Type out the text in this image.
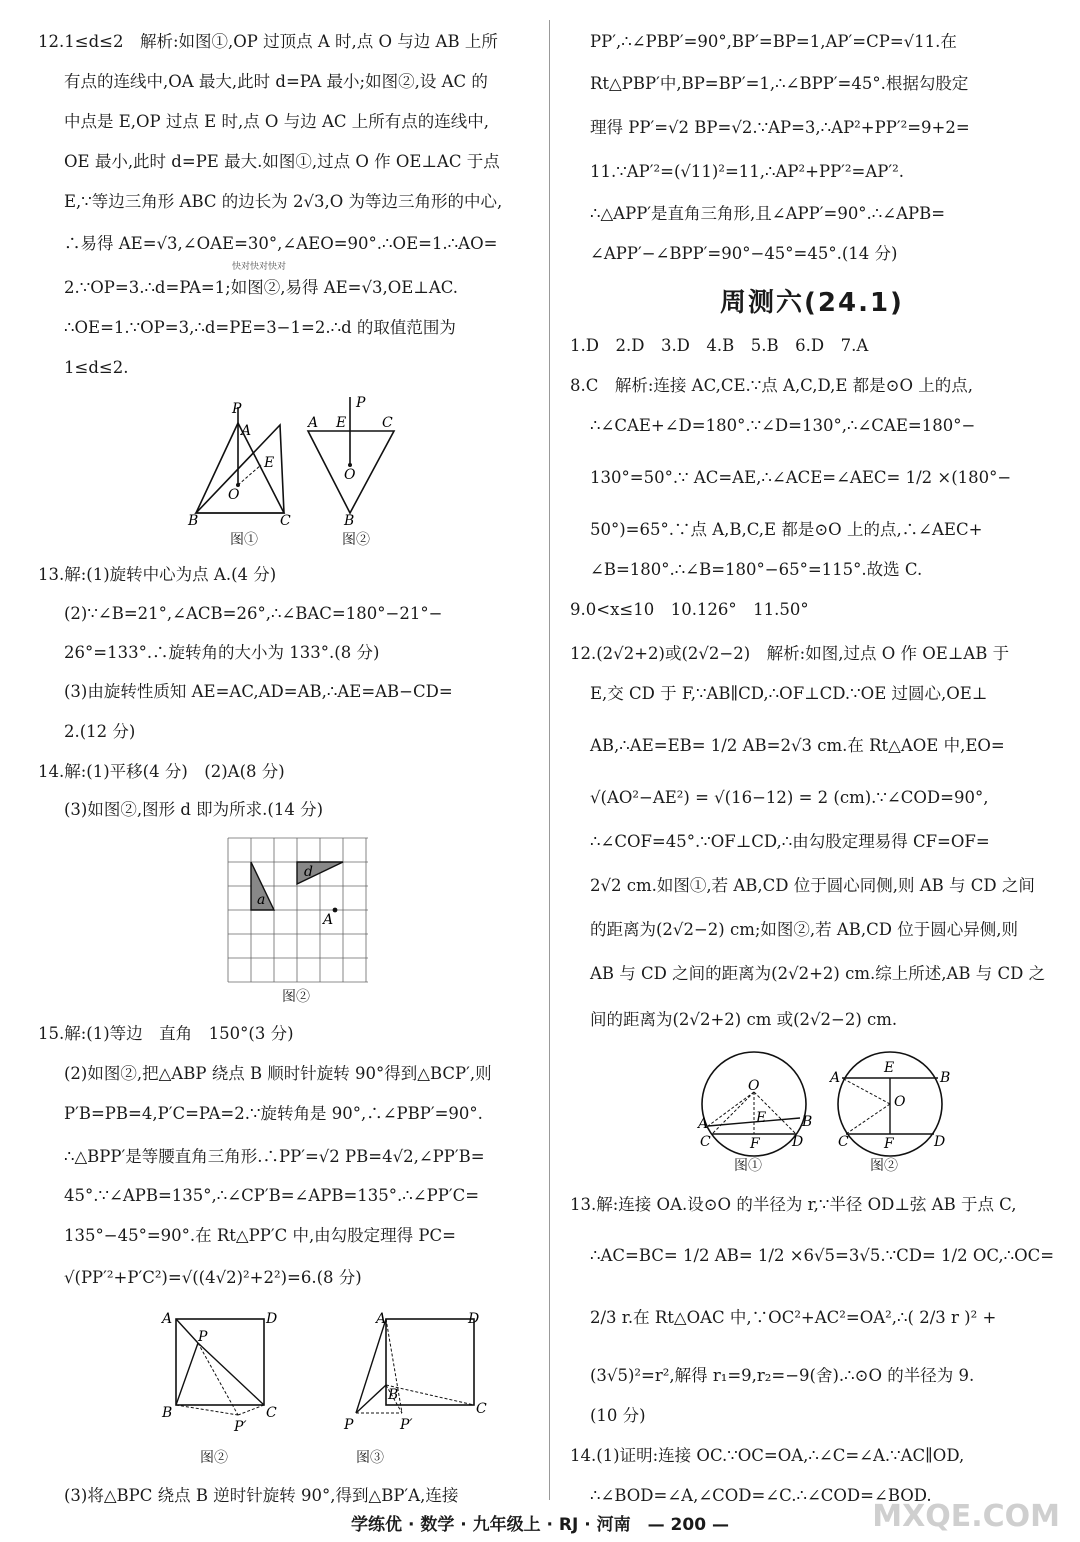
12.1≤d≤2　解析:如图①,OP 过顶点 A 时,点 O 与边 AB 上所
有点的连线中,OA 最大,此时 d=PA 最小;如图②,设 AC 的
中点是 E,OP 过点 E 时,点 O 与边 AC 上所有点的连线中,
OE 最小,此时 d=PE 最大.如图①,过点 O 作 OE⊥AC 于点
E,∵等边三角形 ABC 的边长为 2√3,O 为等边三角形的中心,
∴易得 AE=√3,∠OAE=30°,∠AEO=90°.∴OE=1.∴AO=
2.∵OP=3.∴d=PA=1;如图②,易得 AE=√3,OE⊥AC.
∴OE=1.∵OP=3,∴d=PE=3−1=2.∴d 的取值范围为
1≤d≤2.
P
A
E
O
B	C
P
A E	C
O
B
图①	图②
13.解:(1)旋转中心为点 A.(4 分)
(2)∵∠B=21°,∠ACB=26°,∴∠BAC=180°−21°−
26°=133°.∴旋转角的大小为 133°.(8 分)
(3)由旋转性质知 AE=AC,AD=AB,∴AE=AB−CD=
2.(12 分)
14.解:(1)平移(4 分)　(2)A(8 分)
(3)如图②,图形 d 即为所求.(14 分)
a
d
A
图②
15.解:(1)等边　直角　150°(3 分)
(2)如图②,把△ABP 绕点 B 顺时针旋转 90°得到△BCP′,则
P′B=PB=4,P′C=PA=2.∵旋转角是 90°,∴∠PBP′=90°.
∴△BPP′是等腰直角三角形.∴PP′=√2 PB=4√2,∠PP′B=
45°.∵∠APB=135°,∴∠CP′B=∠APB=135°.∴∠PP′C=
135°−45°=90°.在 Rt△PP′C 中,由勾股定理得 PC=
√(PP′²+P′C²)=√((4√2)²+2²)=6.(8 分)
A	D
P
B	C
P′
A	D
B
C
P	P′
图②	图③
(3)将△BPC 绕点 B 逆时针旋转 90°,得到△BP′A,连接
PP′,∴∠PBP′=90°,BP′=BP=1,AP′=CP=√11.在
Rt△PBP′中,BP=BP′=1,∴∠BPP′=45°.根据勾股定
理得 PP′=√2 BP=√2.∵AP=3,∴AP²+PP′²=9+2=
11.∵AP′²=(√11)²=11,∴AP²+PP′²=AP′².
∴△APP′是直角三角形,且∠APP′=90°.∴∠APB=
∠APP′−∠BPP′=90°−45°=45°.(14 分)
周测六(24.1)
1.D　2.D　3.D　4.B　5.B　6.D　7.A
8.C　解析:连接 AC,CE.∵点 A,C,D,E 都是⊙O 上的点,
∴∠CAE+∠D=180°.∵∠D=130°,∴∠CAE=180°−
130°=50°.∵ AC=AE,∴∠ACE=∠AEC= 1/2 ×(180°−
50°)=65°.∵点 A,B,C,E 都是⊙O 上的点,∴∠AEC+
∠B=180°.∴∠B=180°−65°=115°.故选 C.
9.0<x≤10　10.126°　11.50°
12.(2√2+2)或(2√2−2)　解析:如图,过点 O 作 OE⊥AB 于
E,交 CD 于 F,∵AB∥CD,∴OF⊥CD.∵OE 过圆心,OE⊥
AB,∴AE=EB= 1/2 AB=2√3 cm.在 Rt△AOE 中,EO=
√(AO²−AE²) = √(16−12) = 2 (cm).∵∠COD=90°,
∴∠COF=45°.∵OF⊥CD,∴由勾股定理易得 CF=OF=
2√2 cm.如图①,若 AB,CD 位于圆心同侧,则 AB 与 CD 之间
的距离为(2√2−2) cm;如图②,若 AB,CD 位于圆心异侧,则
AB 与 CD 之间的距离为(2√2+2) cm.综上所述,AB 与 CD 之
间的距离为(2√2+2) cm 或(2√2−2) cm.
O
A	B
E
C	F D
A
E
B
O
C	F	D
图①	图②
13.解:连接 OA.设⊙O 的半径为 r,∵半径 OD⊥弦 AB 于点 C,
∴AC=BC= 1/2 AB= 1/2 ×6√5=3√5.∵CD= 1/2 OC,∴OC=
2/3 r.在 Rt△OAC 中,∵OC²+AC²=OA²,∴( 2/3 r )² +
(3√5)²=r²,解得 r₁=9,r₂=−9(舍).∴⊙O 的半径为 9.
(10 分)
14.(1)证明:连接 OC.∵OC=OA,∴∠C=∠A.∵AC∥OD,
∴∠BOD=∠A,∠COD=∠C.∴∠COD=∠BOD.
快对快对快对
学练优 · 数学 · 九年级上 · RJ · 河南　— 200 —	MXQE.COM
